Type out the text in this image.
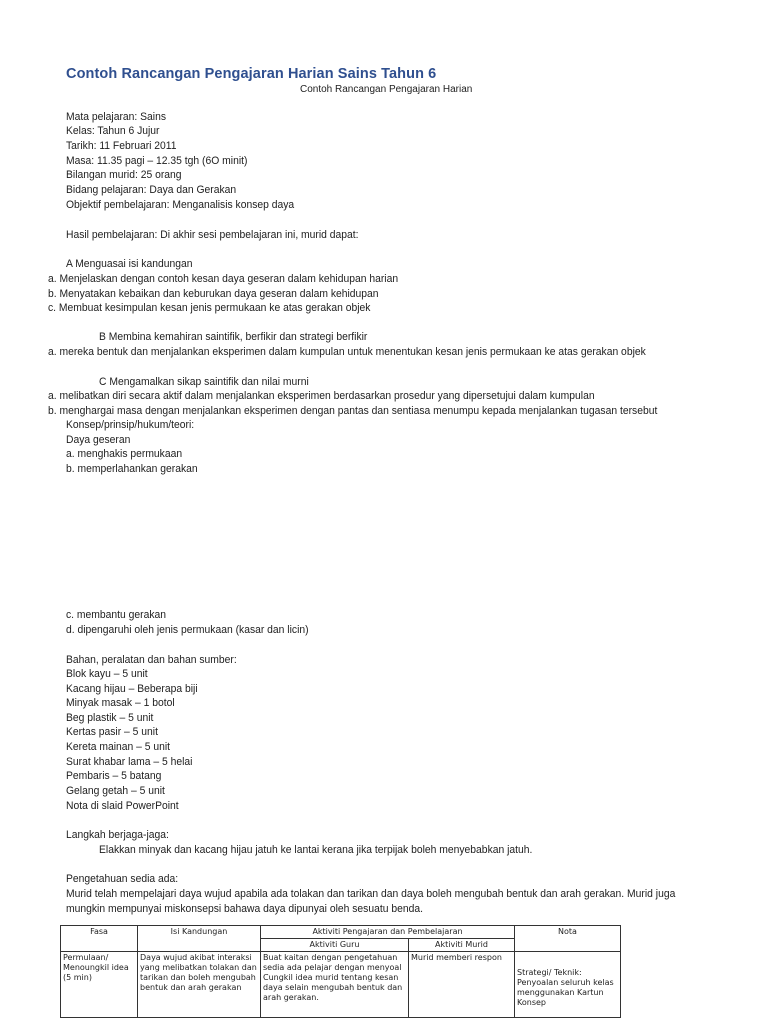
Contoh Rancangan Pengajaran Harian Sains Tahun 6
Contoh Rancangan Pengajaran Harian
Mata pelajaran: Sains
Kelas: Tahun 6 Jujur
Tarikh: 11 Februari 2011
Masa: 11.35 pagi – 12.35 tgh (6O minit)
Bilangan murid: 25 orang
Bidang pelajaran: Daya dan Gerakan
Objektif pembelajaran: Menganalisis konsep daya
Hasil pembelajaran: Di akhir sesi pembelajaran ini, murid dapat:
A Menguasai isi kandungan
a. Menjelaskan dengan contoh kesan daya geseran dalam kehidupan harian
b. Menyatakan kebaikan dan keburukan daya geseran dalam kehidupan
c. Membuat kesimpulan kesan jenis permukaan ke atas gerakan objek
B Membina kemahiran saintifik, berfikir dan strategi berfikir
a. mereka bentuk dan menjalankan eksperimen dalam kumpulan untuk menentukan kesan jenis permukaan ke atas gerakan objek
C Mengamalkan sikap saintifik dan nilai murni
a. melibatkan diri secara aktif dalam menjalankan eksperimen berdasarkan prosedur yang dipersetujui dalam kumpulan
b. menghargai masa dengan menjalankan eksperimen dengan pantas dan sentiasa menumpu kepada menjalankan tugasan tersebut
Konsep/prinsip/hukum/teori:
Daya geseran
a. menghakis permukaan
b. memperlahankan gerakan
c. membantu gerakan
d. dipengaruhi oleh jenis permukaan (kasar dan licin)
Bahan, peralatan dan bahan sumber:
Blok kayu – 5 unit
Kacang hijau – Beberapa biji
Minyak masak – 1 botol
Beg plastik – 5 unit
Kertas pasir – 5 unit
Kereta mainan – 5 unit
Surat khabar lama – 5 helai
Pembaris – 5 batang
Gelang getah – 5 unit
Nota di slaid PowerPoint
Langkah berjaga-jaga:
Elakkan minyak dan kacang hijau jatuh ke lantai kerana jika terpijak boleh menyebabkan jatuh.
Pengetahuan sedia ada:
Murid telah mempelajari daya wujud apabila ada tolakan dan tarikan dan daya boleh mengubah bentuk dan arah gerakan. Murid juga
mungkin mempunyai miskonsepsi bahawa daya dipunyai oleh sesuatu benda.
Fasa	Isi Kandungan	Aktiviti Pengajaran dan Pembelajaran		Nota
		Aktiviti Guru	Aktiviti Murid	
Permulaan/ Menoungkil idea (5 min)	Daya wujud akibat interaksi yang melibatkan tolakan dan tarikan dan boleh mengubah bentuk dan arah gerakan	Buat kaitan dengan pengetahuan sedia ada pelajar dengan menyoal Cungkil idea murid tentang kesan daya selain mengubah bentuk dan arah gerakan.	Murid memberi respon	Strategi/ Teknik: Penyoalan seluruh kelas menggunakan Kartun Konsep
